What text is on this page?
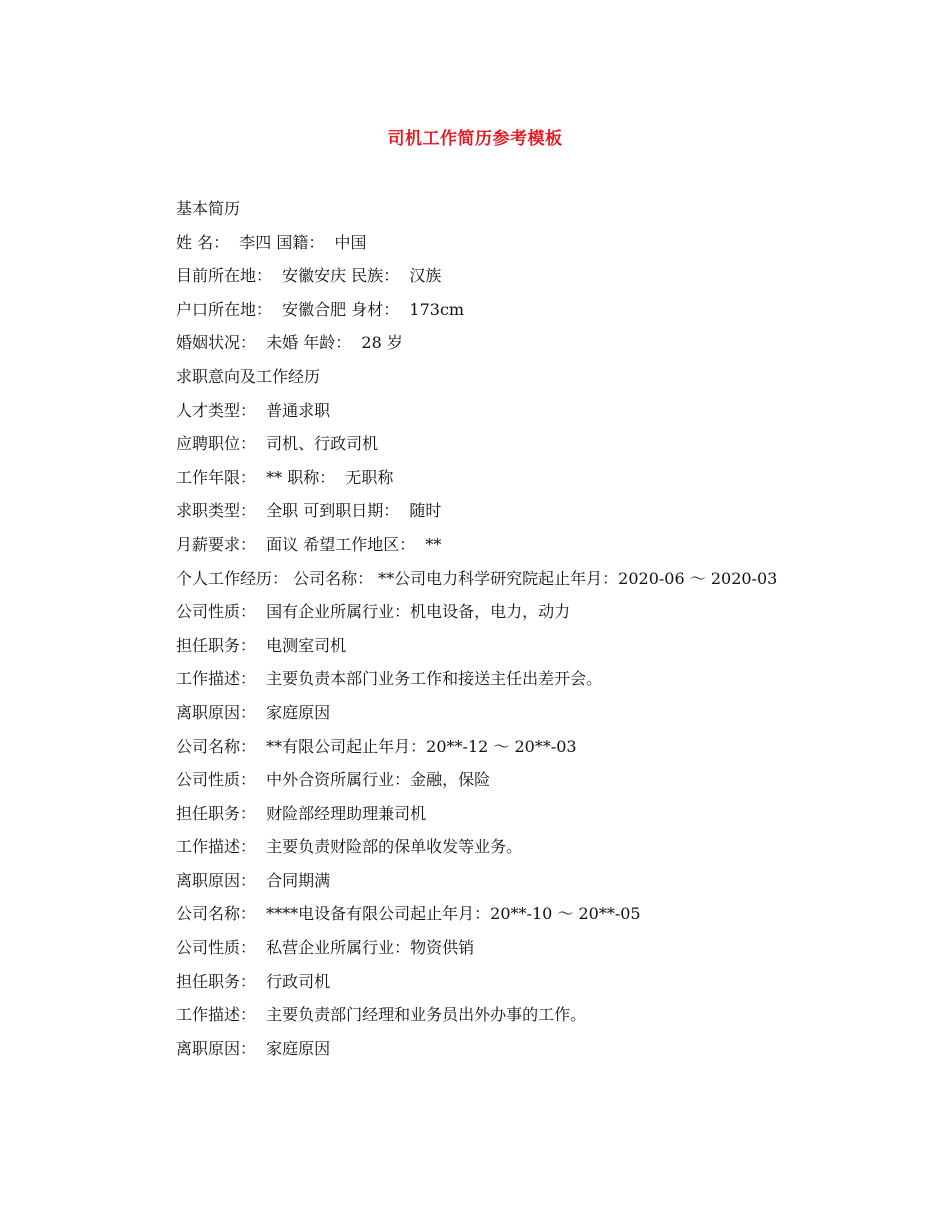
司机工作简历参考模板
基本简历
姓 名：  李四 国籍：  中国
目前所在地：  安徽安庆 民族：  汉族
户口所在地：  安徽合肥 身材：  173cm
婚姻状况：  未婚 年龄：  28 岁
求职意向及工作经历
人才类型：  普通求职
应聘职位：  司机、行政司机
工作年限：  ** 职称：  无职称
求职类型：  全职 可到职日期：  随时
月薪要求：  面议 希望工作地区：  **
个人工作经历： 公司名称： **公司电力科学研究院起止年月：2020-06 ～ 2020-03
公司性质：  国有企业所属行业：机电设备，电力，动力
担任职务：  电测室司机
工作描述：  主要负责本部门业务工作和接送主任出差开会。
离职原因：  家庭原因
公司名称：  **有限公司起止年月：20**-12 ～ 20**-03
公司性质：  中外合资所属行业：金融，保险
担任职务：  财险部经理助理兼司机
工作描述：  主要负责财险部的保单收发等业务。
离职原因：  合同期满
公司名称：  ****电设备有限公司起止年月：20**-10 ～ 20**-05
公司性质：  私营企业所属行业：物资供销
担任职务：  行政司机
工作描述：  主要负责部门经理和业务员出外办事的工作。
离职原因：  家庭原因
